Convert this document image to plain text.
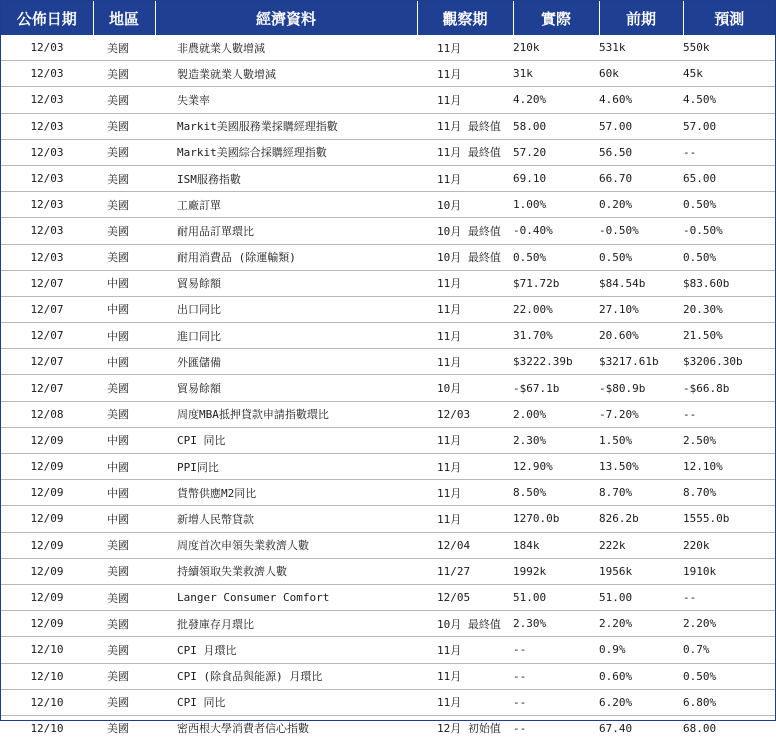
公佈日期	地區	經濟資料	觀察期	實際	前期	預測
12/03	美國	非農就業人數增減	11月	210k	531k	550k
12/03	美國	製造業就業人數增減	11月	31k	60k	45k
12/03	美國	失業率	11月	4.20%	4.60%	4.50%
12/03	美國	Markit美國服務業採購經理指數	11月 最終值	58.00	57.00	57.00
12/03	美國	Markit美國綜合採購經理指數	11月 最終值	57.20	56.50	--
12/03	美國	ISM服務指數	11月	69.10	66.70	65.00
12/03	美國	工廠訂單	10月	1.00%	0.20%	0.50%
12/03	美國	耐用品訂單環比	10月 最終值	-0.40%	-0.50%	-0.50%
12/03	美國	耐用消費品 (除運輸類)	10月 最終值	0.50%	0.50%	0.50%
12/07	中國	貿易餘額	11月	$71.72b	$84.54b	$83.60b
12/07	中國	出口同比	11月	22.00%	27.10%	20.30%
12/07	中國	進口同比	11月	31.70%	20.60%	21.50%
12/07	中國	外匯儲備	11月	$3222.39b	$3217.61b	$3206.30b
12/07	美國	貿易餘額	10月	-$67.1b	-$80.9b	-$66.8b
12/08	美國	周度MBA抵押貸款申請指數環比	12/03	2.00%	-7.20%	--
12/09	中國	CPI 同比	11月	2.30%	1.50%	2.50%
12/09	中國	PPI同比	11月	12.90%	13.50%	12.10%
12/09	中國	貨幣供應M2同比	11月	8.50%	8.70%	8.70%
12/09	中國	新增人民幣貸款	11月	1270.0b	826.2b	1555.0b
12/09	美國	周度首次申領失業救濟人數	12/04	184k	222k	220k
12/09	美國	持續領取失業救濟人數	11/27	1992k	1956k	1910k
12/09	美國	Langer Consumer Comfort	12/05	51.00	51.00	--
12/09	美國	批發庫存月環比	10月 最終值	2.30%	2.20%	2.20%
12/10	美國	CPI 月環比	11月	--	0.9%	0.7%
12/10	美國	CPI (除食品與能源) 月環比	11月	--	0.60%	0.50%
12/10	美國	CPI 同比	11月	--	6.20%	6.80%
12/10	美國	密西根大學消費者信心指數	12月 初始值	--	67.40	68.00
